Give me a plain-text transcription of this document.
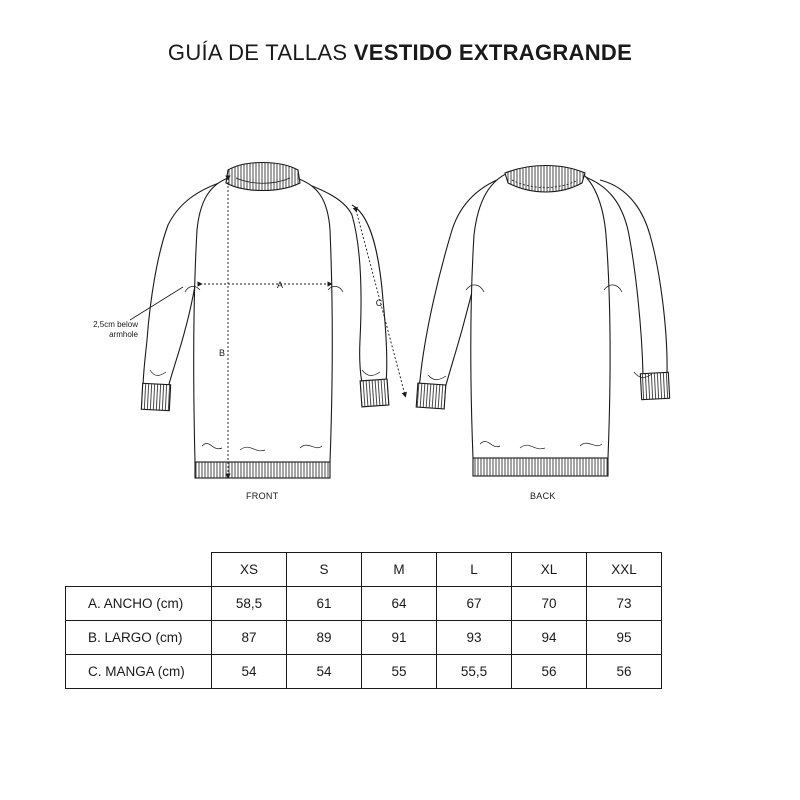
GUÍA DE TALLAS VESTIDO EXTRAGRANDE
A
B
C
FRONT	BACK
2,5cm below
armhole
	XS	S	M	L	XL	XXL
A. ANCHO (cm)	58,5	61	64	67	70	73
B. LARGO (cm)	87	89	91	93	94	95
C. MANGA (cm)	54	54	55	55,5	56	56
